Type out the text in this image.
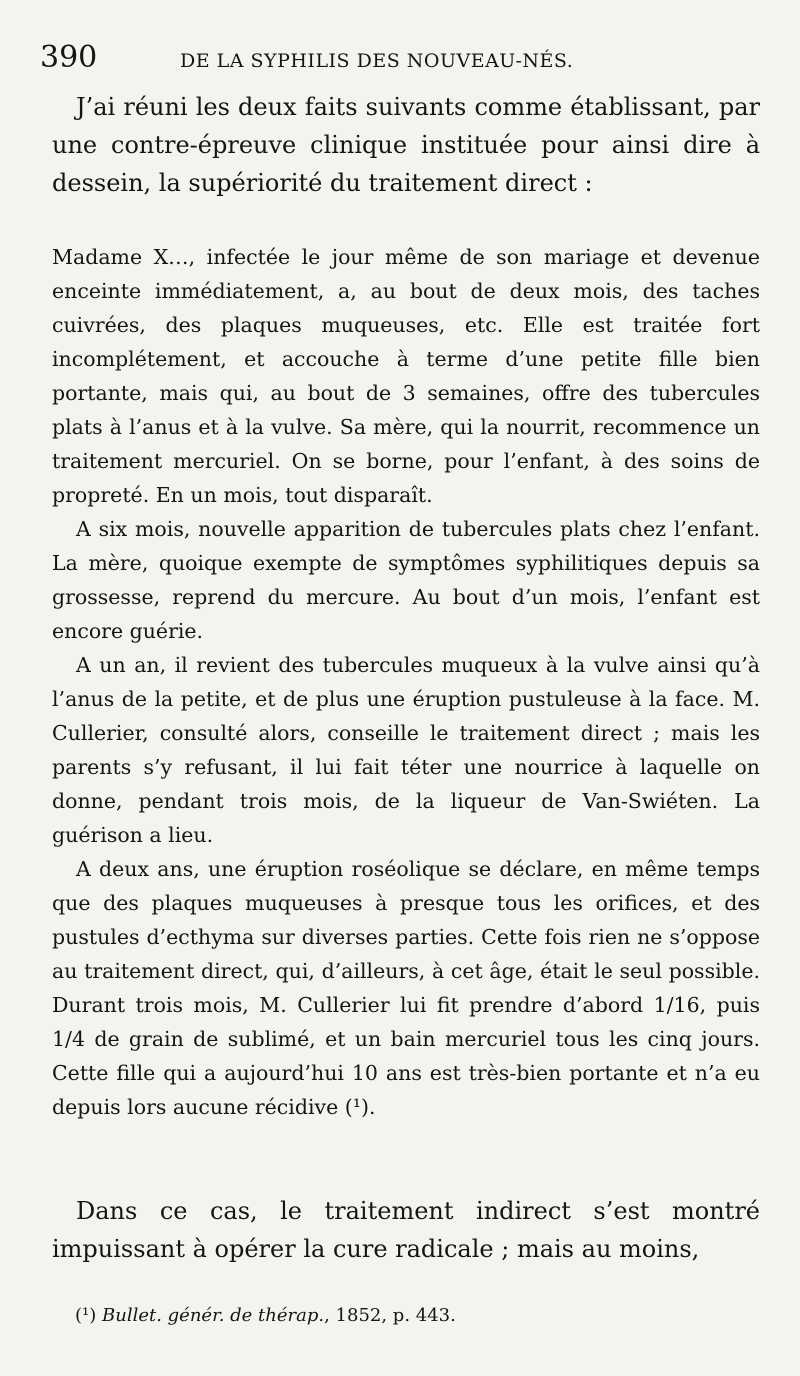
390	DE LA SYPHILIS DES NOUVEAU-NÉS.

J’ai réuni les deux faits suivants comme établissant, par une contre-épreuve clinique instituée pour ainsi dire à dessein, la supériorité du traitement direct :

Madame X…, infectée le jour même de son mariage et devenue enceinte immédiatement, a, au bout de deux mois, des taches cuivrées, des plaques muqueuses, etc. Elle est traitée fort incomplétement, et accouche à terme d’une petite fille bien portante, mais qui, au bout de 3 semaines, offre des tubercules plats à l’anus et à la vulve. Sa mère, qui la nourrit, recommence un traitement mercuriel. On se borne, pour l’enfant, à des soins de propreté. En un mois, tout disparaît.

A six mois, nouvelle apparition de tubercules plats chez l’enfant. La mère, quoique exempte de symptômes syphilitiques depuis sa grossesse, reprend du mercure. Au bout d’un mois, l’enfant est encore guérie.

A un an, il revient des tubercules muqueux à la vulve ainsi qu’à l’anus de la petite, et de plus une éruption pustuleuse à la face. M. Cullerier, consulté alors, conseille le traitement direct ; mais les parents s’y refusant, il lui fait téter une nourrice à laquelle on donne, pendant trois mois, de la liqueur de Van-Swiéten. La guérison a lieu.

A deux ans, une éruption roséolique se déclare, en même temps que des plaques muqueuses à presque tous les orifices, et des pustules d’ecthyma sur diverses parties. Cette fois rien ne s’oppose au traitement direct, qui, d’ailleurs, à cet âge, était le seul possible. Durant trois mois, M. Cullerier lui fit prendre d’abord 1/16, puis 1/4 de grain de sublimé, et un bain mercuriel tous les cinq jours. Cette fille qui a aujourd’hui 10 ans est très-bien portante et n’a eu depuis lors aucune récidive (¹).

Dans ce cas, le traitement indirect s’est montré impuissant à opérer la cure radicale ; mais au moins,

(¹) Bullet. génér. de thérap., 1852, p. 443.
